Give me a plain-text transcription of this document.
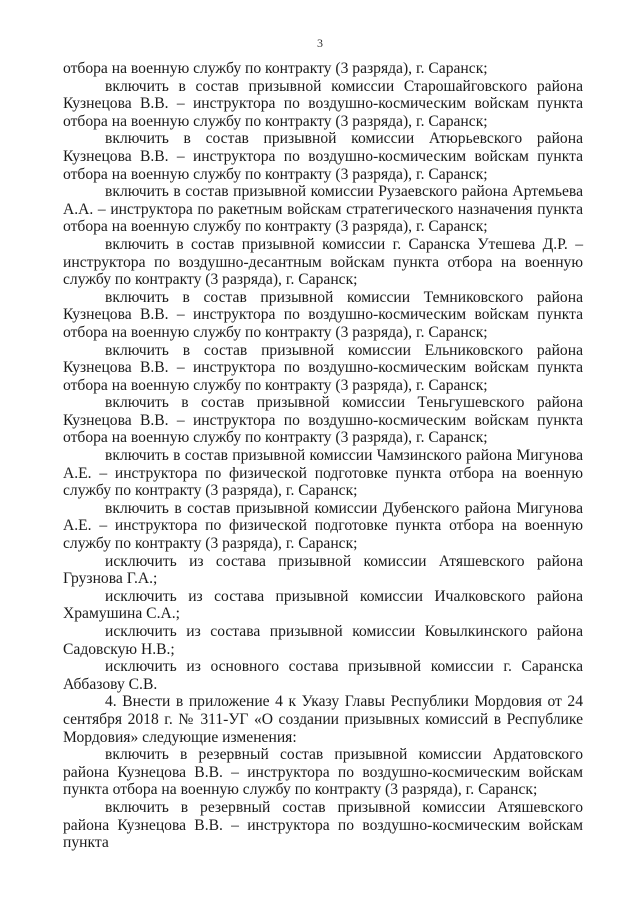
3

отбора на военную службу по контракту (3 разряда), г. Саранск;

включить в состав призывной комиссии Старошайговского района Кузнецова В.В. – инструктора по воздушно-космическим войскам пункта отбора на военную службу по контракту (3 разряда), г. Саранск;

включить в состав призывной комиссии Атюрьевского района Кузнецова В.В. – инструктора по воздушно-космическим войскам пункта отбора на военную службу по контракту (3 разряда), г. Саранск;

включить в состав призывной комиссии Рузаевского района Артемьева А.А. – инструктора по ракетным войскам стратегического назначения пункта отбора на военную службу по контракту (3 разряда), г. Саранск;

включить в состав призывной комиссии г. Саранска Утешева Д.Р. – инструктора по воздушно-десантным войскам пункта отбора на военную службу по контракту (3 разряда), г. Саранск;

включить в состав призывной комиссии Темниковского района Кузнецова В.В. – инструктора по воздушно-космическим войскам пункта отбора на военную службу по контракту (3 разряда), г. Саранск;

включить в состав призывной комиссии Ельниковского района Кузнецова В.В. – инструктора по воздушно-космическим войскам пункта отбора на военную службу по контракту (3 разряда), г. Саранск;

включить в состав призывной комиссии Теньгушевского района Кузнецова В.В. – инструктора по воздушно-космическим войскам пункта отбора на военную службу по контракту (3 разряда), г. Саранск;

включить в состав призывной комиссии Чамзинского района Мигунова А.Е. – инструктора по физической подготовке пункта отбора на военную службу по контракту (3 разряда), г. Саранск;

включить в состав призывной комиссии Дубенского района Мигунова А.Е. – инструктора по физической подготовке пункта отбора на военную службу по контракту (3 разряда), г. Саранск;

исключить из состава призывной комиссии Атяшевского района Грузнова Г.А.;

исключить из состава призывной комиссии Ичалковского района Храмушина С.А.;

исключить из состава призывной комиссии Ковылкинского района Садовскую Н.В.;

исключить из основного состава призывной комиссии г. Саранска Аббазову С.В.

4. Внести в приложение 4 к Указу Главы Республики Мордовия от 24 сентября 2018 г. № 311-УГ «О создании призывных комиссий в Республике Мордовия» следующие изменения:

включить в резервный состав призывной комиссии Ардатовского района Кузнецова В.В. – инструктора по воздушно-космическим войскам пункта отбора на военную службу по контракту (3 разряда), г. Саранск;

включить в резервный состав призывной комиссии Атяшевского района Кузнецова В.В. – инструктора по воздушно-космическим войскам пункта
